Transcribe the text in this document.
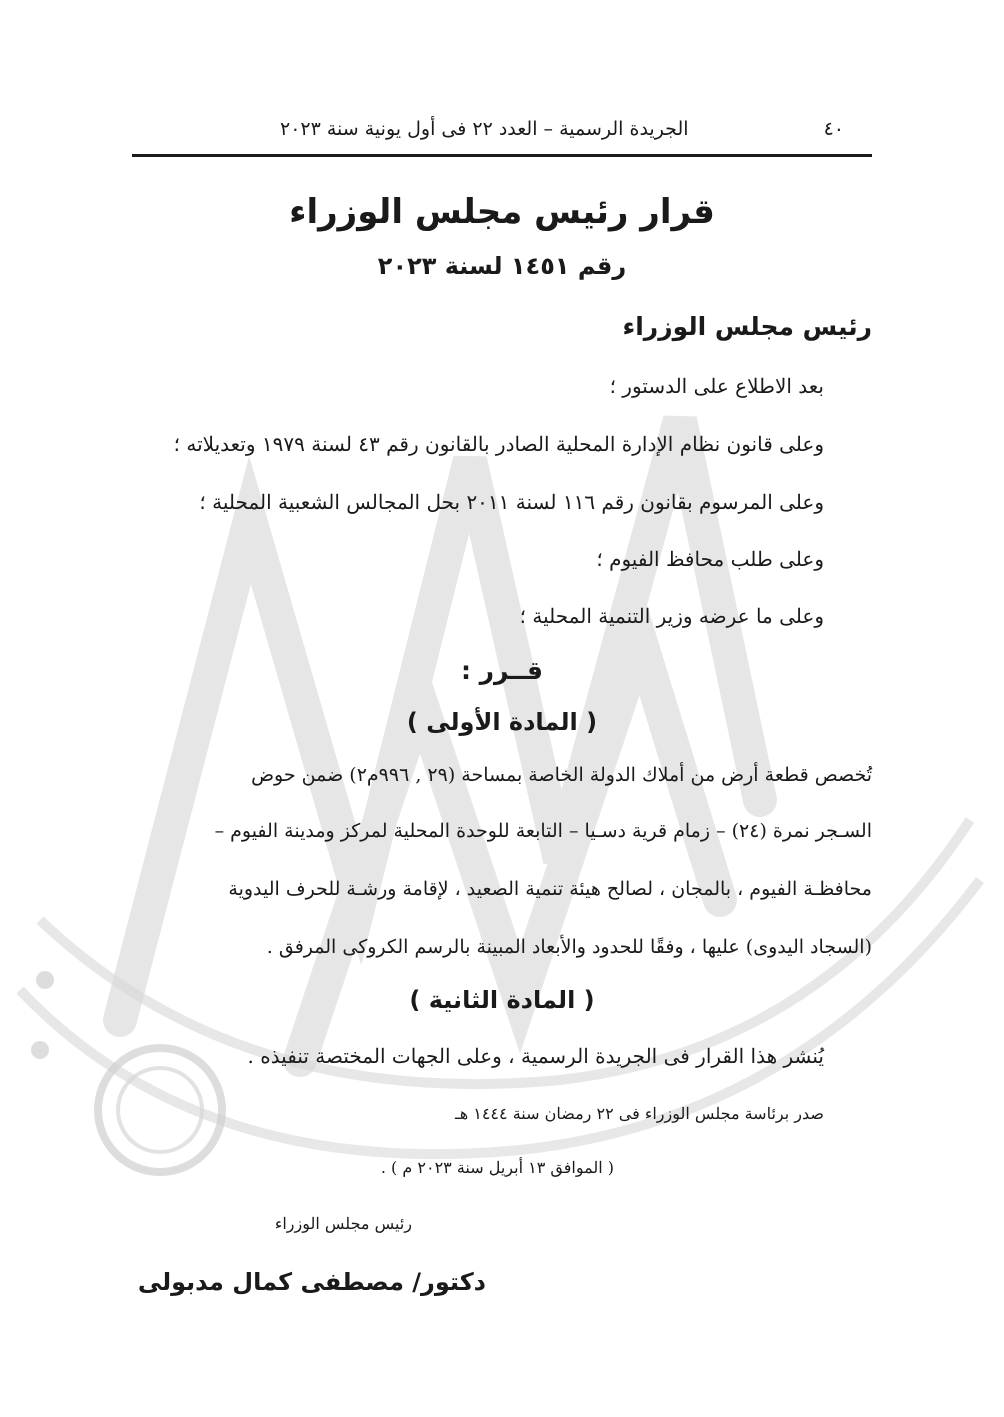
٤٠
الجريدة الرسمية – العدد ٢٢ فى أول يونية سنة ٢٠٢٣
قرار رئيس مجلس الوزراء
رقم ١٤٥١ لسنة ٢٠٢٣
رئيس مجلس الوزراء
بعد الاطلاع على الدستور ؛
وعلى قانون نظام الإدارة المحلية الصادر بالقانون رقم ٤٣ لسنة ١٩٧٩ وتعديلاته ؛
وعلى المرسوم بقانون رقم ١١٦ لسنة ٢٠١١ بحل المجالس الشعبية المحلية ؛
وعلى طلب محافظ الفيوم ؛
وعلى ما عرضه وزير التنمية المحلية ؛
قــرر :
( المادة الأولى )
تُخصص قطعة أرض من أملاك الدولة الخاصة بمساحة (٢٩ , ٩٩٦م٢) ضمن حوض
السـجر نمرة (٢٤) – زمام قرية دسـيا – التابعة للوحدة المحلية لمركز ومدينة الفيوم –
محافظـة الفيوم ، بالمجان ، لصالح هيئة تنمية الصعيد ، لإقامة ورشـة للحرف اليدوية
(السجاد اليدوى) عليها ، وفقًا للحدود والأبعاد المبينة بالرسم الكروكى المرفق .
( المادة الثانية )
يُنشر هذا القرار فى الجريدة الرسمية ، وعلى الجهات المختصة تنفيذه .
صدر برئاسة مجلس الوزراء فى ٢٢ رمضان سنة ١٤٤٤ هـ
( الموافق ١٣ أبريل سنة ٢٠٢٣ م ) .
رئيس مجلس الوزراء
دكتور/ مصطفى كمال مدبولى
